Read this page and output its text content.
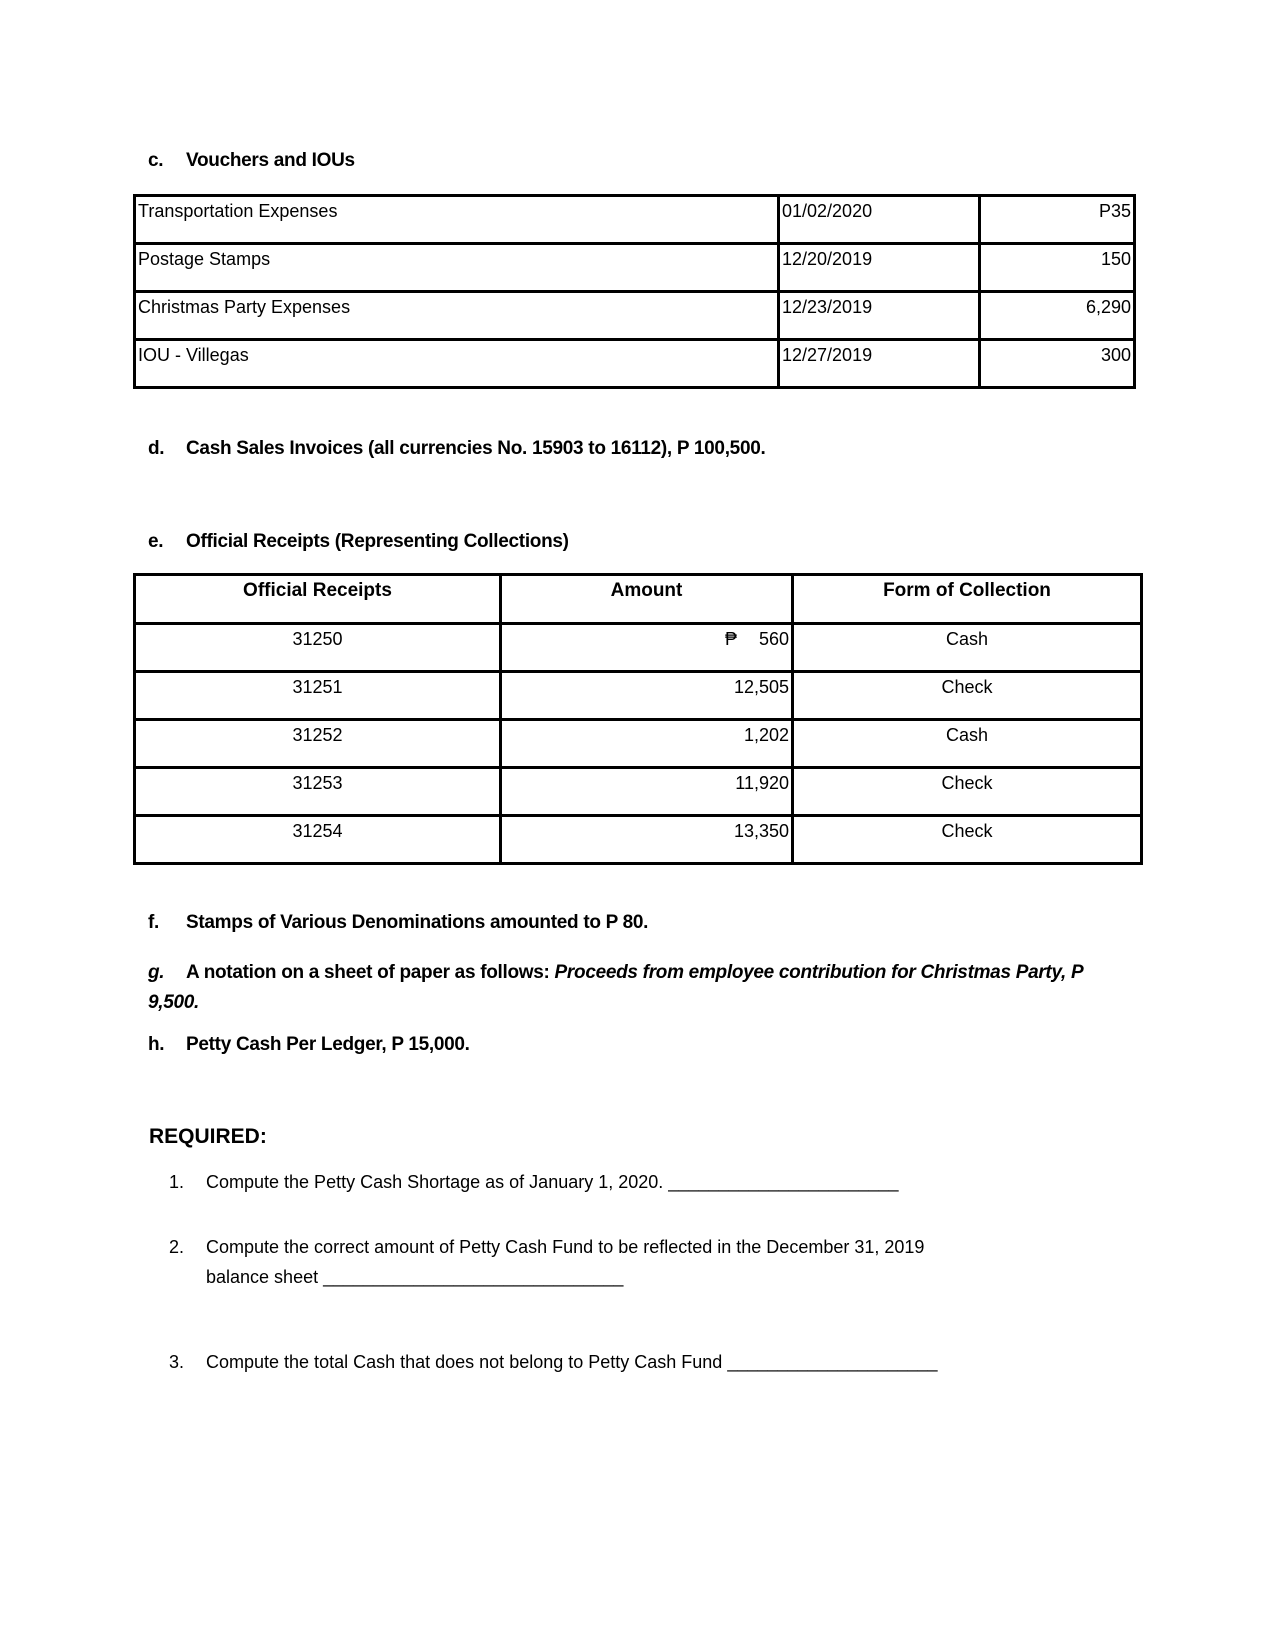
c. Vouchers and IOUs
Transportation Expenses	01/02/2020	P35
Postage Stamps	12/20/2019	150
Christmas Party Expenses	12/23/2019	6,290
IOU - Villegas	12/27/2019	300
d. Cash Sales Invoices (all currencies No. 15903 to 16112), P 100,500.
e. Official Receipts (Representing Collections)
Official Receipts	Amount	Form of Collection
31250	₱ 560	Cash
31251	12,505	Check
31252	1,202	Cash
31253	11,920	Check
31254	13,350	Check
f. Stamps of Various Denominations amounted to P 80.
g. A notation on a sheet of paper as follows: Proceeds from employee contribution for Christmas Party, P 9,500.
h. Petty Cash Per Ledger, P 15,000.
REQUIRED:
1. Compute the Petty Cash Shortage as of January 1, 2020. _______________________
2. Compute the correct amount of Petty Cash Fund to be reflected in the December 31, 2019
balance sheet ______________________________
3. Compute the total Cash that does not belong to Petty Cash Fund _____________________
